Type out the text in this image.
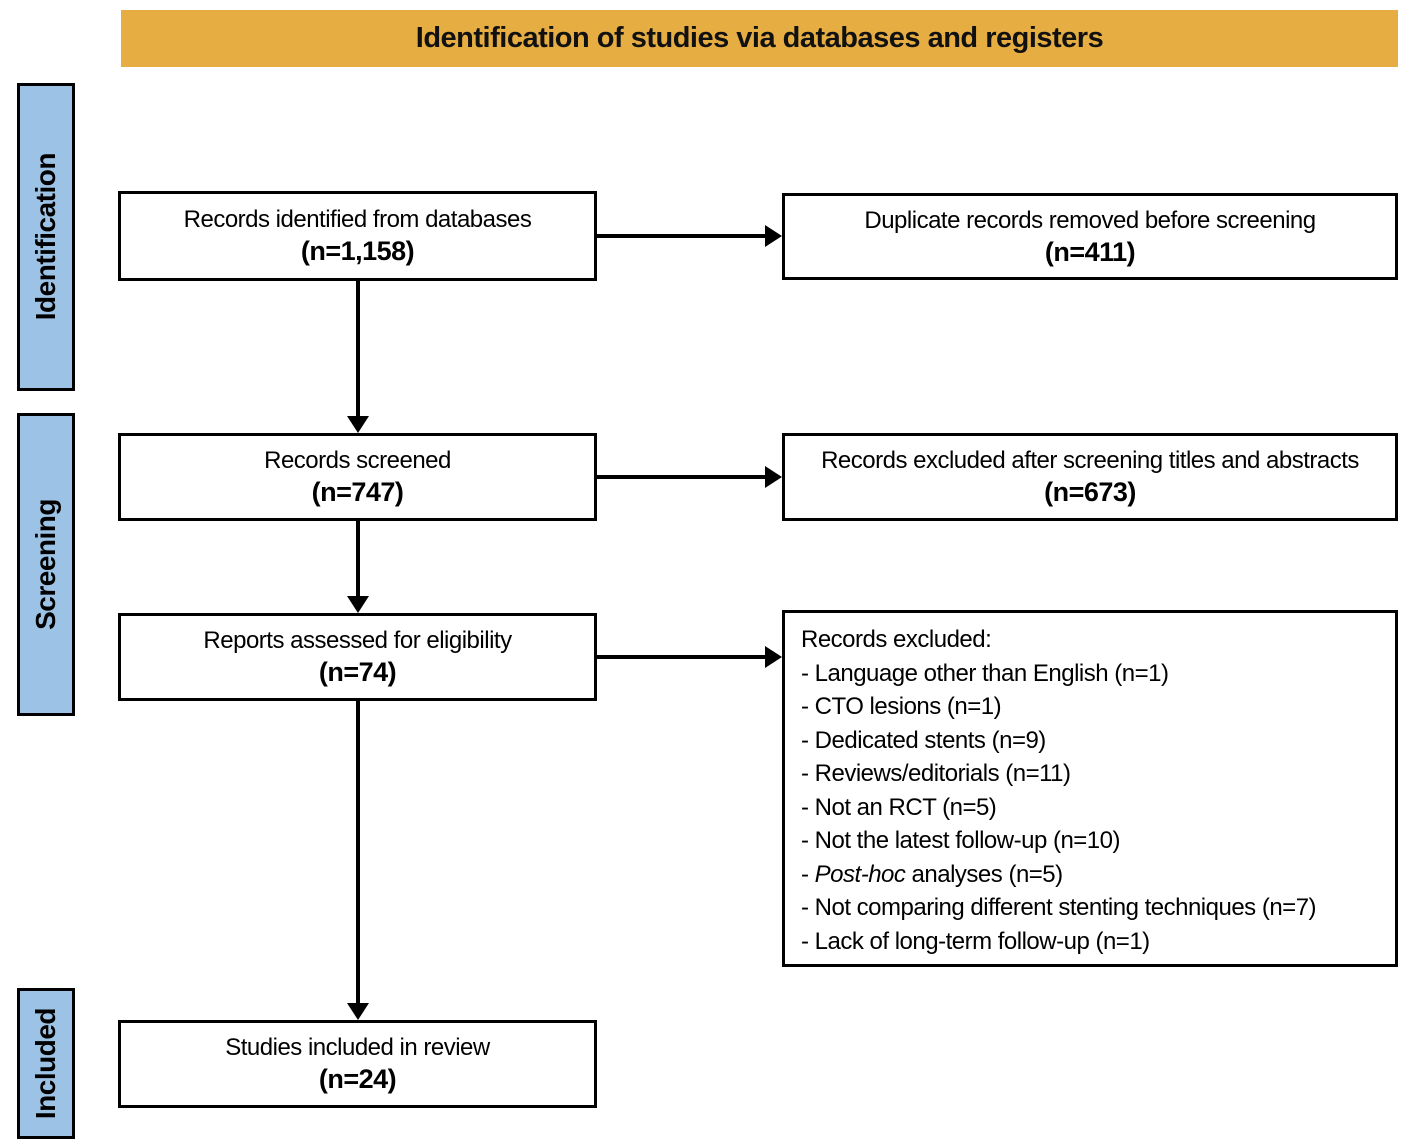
Identification of studies via databases and registers
Identification
Screening
Included
Records identified from databases
(n=1,158)
Records screened
(n=747)
Reports assessed for eligibility
(n=74)
Studies included in review
(n=24)
Duplicate records removed before screening
(n=411)
Records excluded after screening titles and abstracts
(n=673)
Records excluded:
- Language other than English (n=1)
- CTO lesions (n=1)
- Dedicated stents (n=9)
- Reviews/editorials (n=11)
- Not an RCT (n=5)
- Not the latest follow-up (n=10)
- Post-hoc analyses (n=5)
- Not comparing different stenting techniques (n=7)
- Lack of long-term follow-up (n=1)
